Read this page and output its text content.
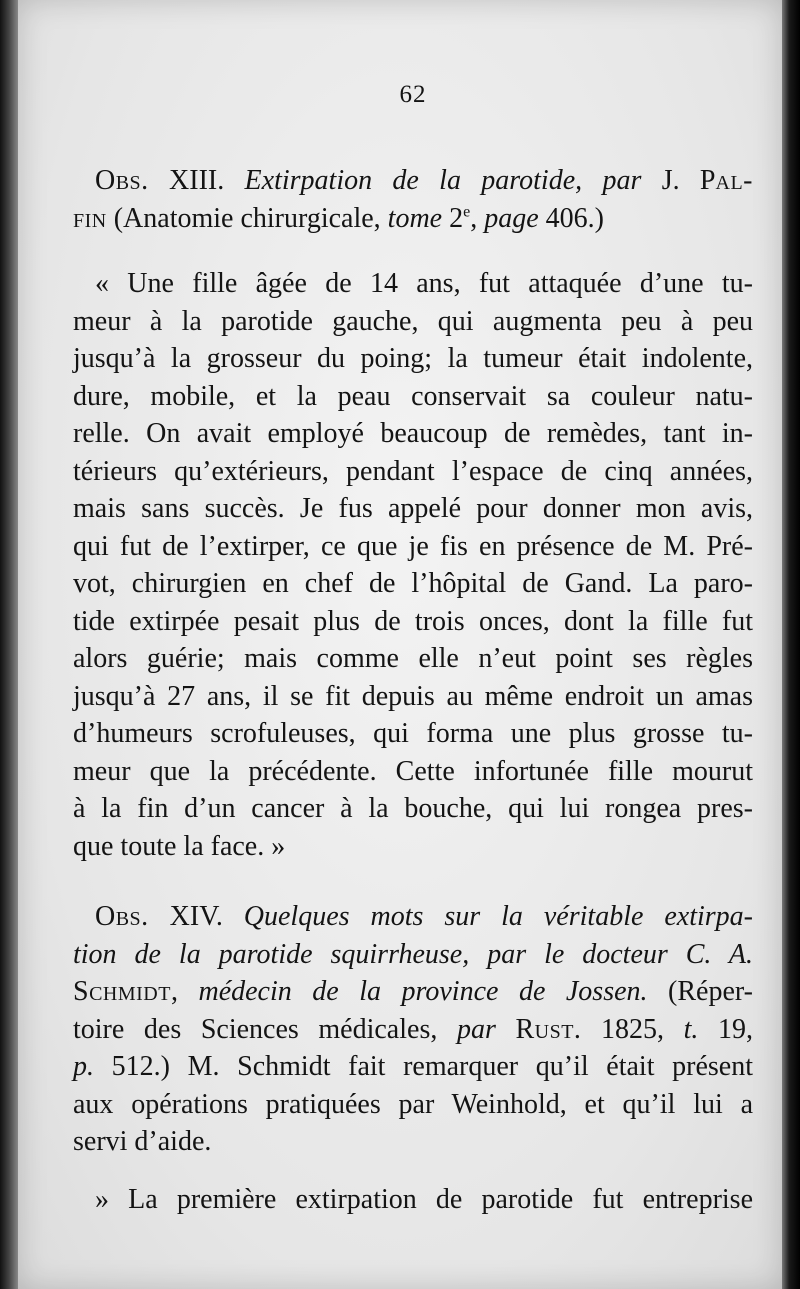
62
Obs. XIII. Extirpation de la parotide, par J. Pal-
fin (Anatomie chirurgicale, tome 2e, page 406.)
« Une fille âgée de 14 ans, fut attaquée d’une tu-
meur à la parotide gauche, qui augmenta peu à peu
jusqu’à la grosseur du poing; la tumeur était indolente,
dure, mobile, et la peau conservait sa couleur natu-
relle. On avait employé beaucoup de remèdes, tant in-
térieurs qu’extérieurs, pendant l’espace de cinq années,
mais sans succès. Je fus appelé pour donner mon avis,
qui fut de l’extirper, ce que je fis en présence de M. Pré-
vot, chirurgien en chef de l’hôpital de Gand. La paro-
tide extirpée pesait plus de trois onces, dont la fille fut
alors guérie; mais comme elle n’eut point ses règles
jusqu’à 27 ans, il se fit depuis au même endroit un amas
d’humeurs scrofuleuses, qui forma une plus grosse tu-
meur que la précédente. Cette infortunée fille mourut
à la fin d’un cancer à la bouche, qui lui rongea pres-
que toute la face. »
Obs. XIV. Quelques mots sur la véritable extirpa-
tion de la parotide squirrheuse, par le docteur C. A.
Schmidt, médecin de la province de Jossen. (Réper-
toire des Sciences médicales, par Rust. 1825, t. 19,
p. 512.) M. Schmidt fait remarquer qu’il était présent
aux opérations pratiquées par Weinhold, et qu’il lui a
servi d’aide.
» La première extirpation de parotide fut entreprise
